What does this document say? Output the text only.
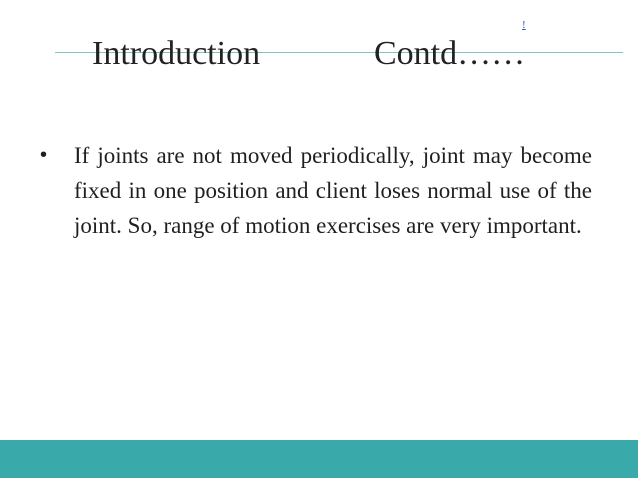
!
Introduction	Contd……
•	If joints are not moved periodically, joint may become fixed in one position and client loses normal use of the joint. So, range of motion exercises are very important.
